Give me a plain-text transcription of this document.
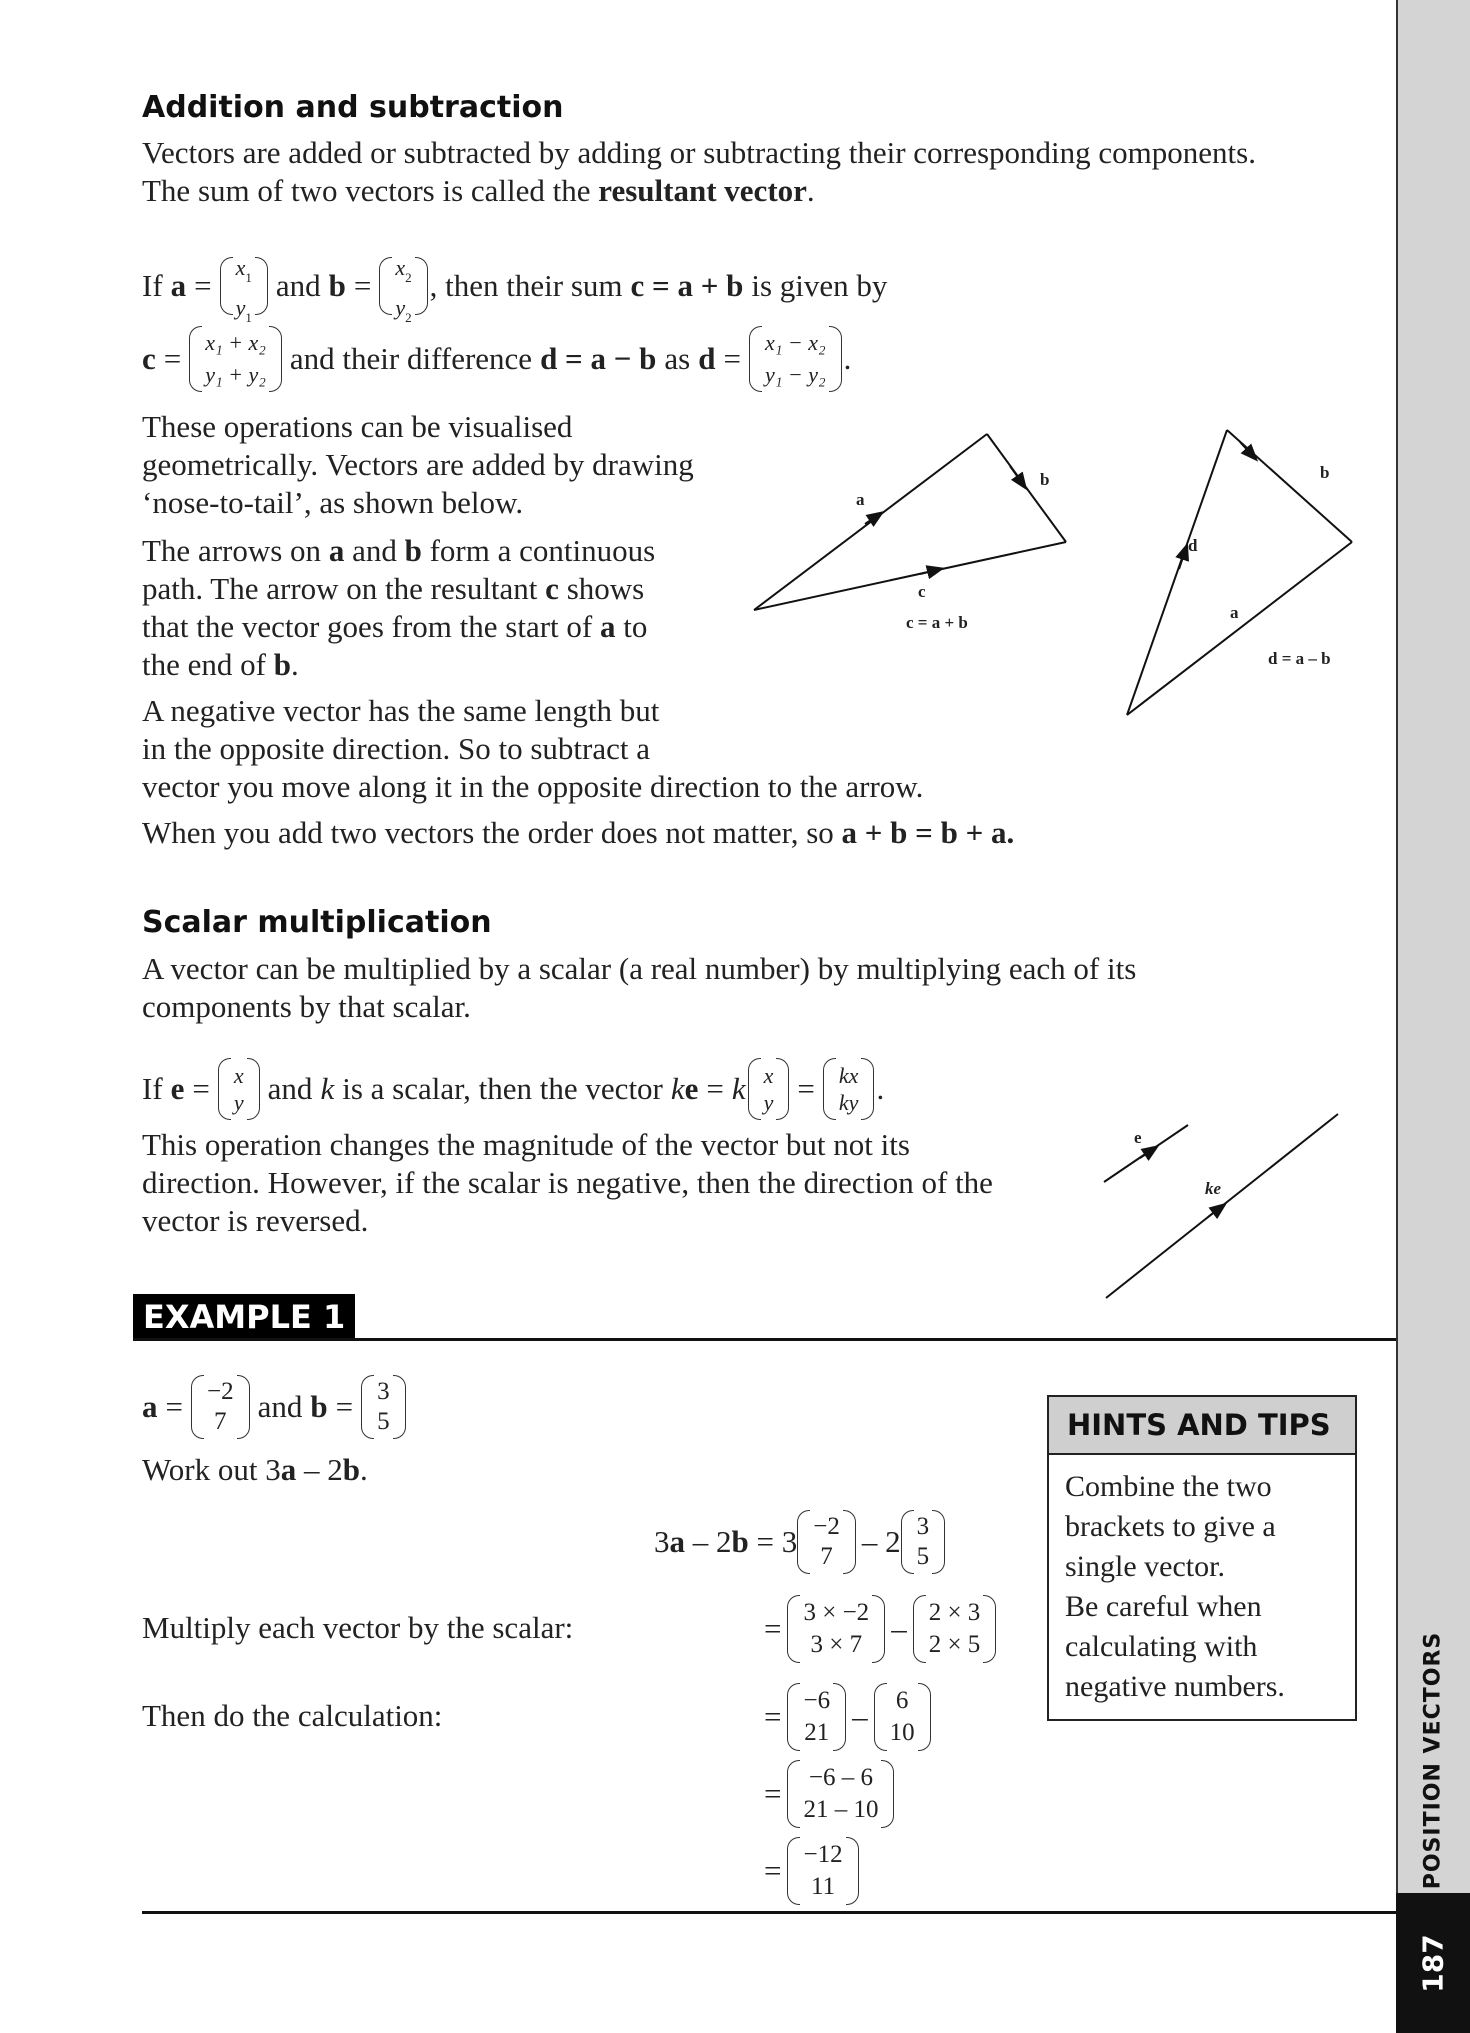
Addition and subtraction
Vectors are added or subtracted by adding or subtracting their corresponding components.
The sum of two vectors is called the resultant vector.
If a =
$x_1$
$y_1$
and b =
$x_2$
$y_2$
, then their sum c = a + b is given by
c = x₁ + x₂
y₁ + y₂ and their difference d = a − b as d = x₁ − x₂
y₁ − y₂ .
These operations can be visualised
geometrically. Vectors are added by drawing
‘nose-to-tail’, as shown below.
The arrows on a and b form a continuous
path. The arrow on the resultant c shows
that the vector goes from the start of a to
the end of b.
A negative vector has the same length but
in the opposite direction. So to subtract a
vector you move along it in the opposite direction to the arrow.
When you add two vectors the order does not matter, so a + b = b + a.
a
b
c
c = a + b
d
b
a
d = a – b
Scalar multiplication
A vector can be multiplied by a scalar (a real number) by multiplying each of its
components by that scalar.
If e = x
y and k is a scalar, then the vector ke = k x
y = kx
ky .
This operation changes the magnitude of the vector but not its
direction. However, if the scalar is negative, then the direction of the
vector is reversed.
e
ke
EXAMPLE 1
a = −2
7 and b = 3
5
Work out 3a – 2b.
Multiply each vector by the scalar:
Then do the calculation:
3a – 2b = 3 −2
7 – 2 3
5
= 3 × −2
3 × 7 – 2 × 3
2 × 5
= −6
21 – 6
10
= −6 – 6
21 – 10
= −12
11
HINTS AND TIPS
Combine the two
brackets to give a
single vector.
Be careful when
calculating with
negative numbers.	POSITION VECTORS
187
